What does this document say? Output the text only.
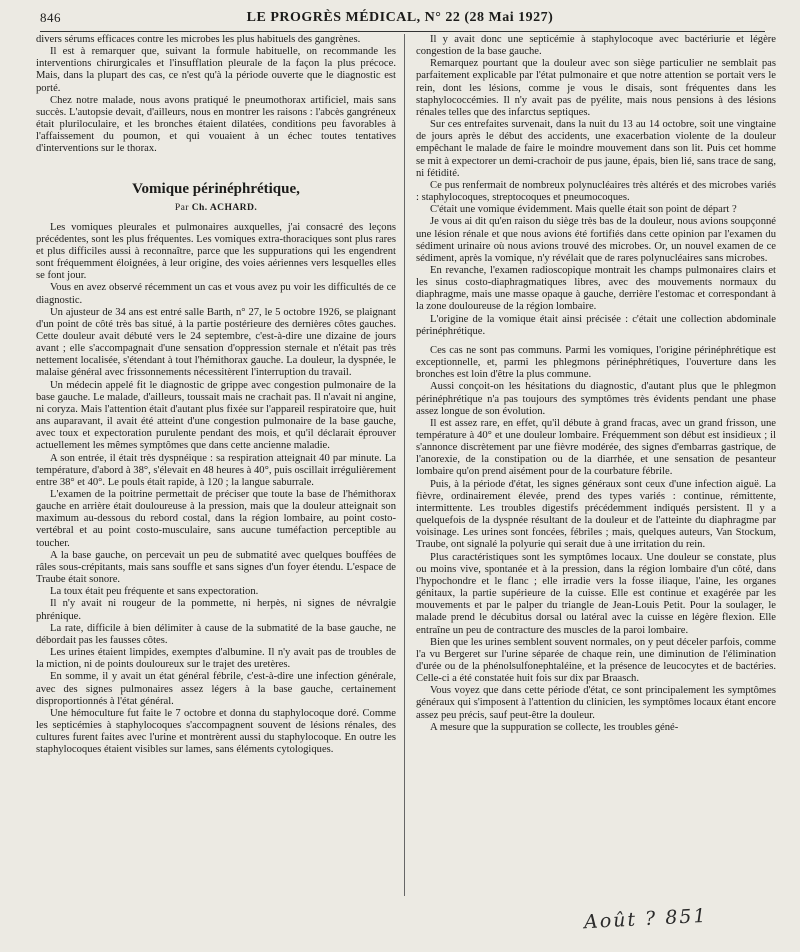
846	LE PROGRÈS MÉDICAL, N° 22 (28 Mai 1927)

divers sérums efficaces contre les microbes les plus habituels des gangrènes.

Il est à remarquer que, suivant la formule habituelle, on recommande les interventions chirurgicales et l'insufflation pleurale de la façon la plus précoce. Mais, dans la plupart des cas, ce n'est qu'à la période ouverte que le diagnostic est porté.

Chez notre malade, nous avons pratiqué le pneumothorax artificiel, mais sans succès. L'autopsie devait, d'ailleurs, nous en montrer les raisons : l'abcès gangréneux était pluriloculaire, et les bronches étaient dilatées, conditions peu favorables à l'affaissement du poumon, et qui vouaient à un échec toutes tentatives d'interventions sur le thorax.

Vomique périnéphrétique,
Par Ch. ACHARD.

Les vomiques pleurales et pulmonaires auxquelles, j'ai consacré des leçons précédentes, sont les plus fréquentes. Les vomiques extra-thoraciques sont plus rares et plus difficiles aussi à reconnaître, parce que les suppurations qui les engendrent sont fréquemment éloignées, à leur origine, des voies aériennes vers lesquelles elles se font jour.

Vous en avez observé récemment un cas et vous avez pu voir les difficultés de ce diagnostic.

Un ajusteur de 34 ans est entré salle Barth, n° 27, le 5 octobre 1926, se plaignant d'un point de côté très bas situé, à la partie postérieure des dernières côtes gauches. Cette douleur avait débuté vers le 24 septembre, c'est-à-dire une dizaine de jours avant ; elle s'accompagnait d'une sensation d'oppression sternale et n'était pas très nettement localisée, s'étendant à tout l'hémithorax gauche. La douleur, la dyspnée, le malaise général avec frissonnements nécessitèrent l'interruption du travail.

Un médecin appelé fit le diagnostic de grippe avec congestion pulmonaire de la base gauche. Le malade, d'ailleurs, toussait mais ne crachait pas. Il n'avait ni angine, ni coryza. Mais l'attention était d'autant plus fixée sur l'appareil respiratoire que, huit ans auparavant, il avait été atteint d'une congestion pulmonaire de la base gauche, avec toux et expectoration purulente pendant des mois, et qu'il déclarait éprouver actuellement les mêmes symptômes que dans cette ancienne maladie.

A son entrée, il était très dyspnéique : sa respiration atteignait 40 par minute. La température, d'abord à 38°, s'élevait en 48 heures à 40°, puis oscillait irrégulièrement entre 38° et 40°. Le pouls était rapide, à 120 ; la langue saburrale.

L'examen de la poitrine permettait de préciser que toute la base de l'hémithorax gauche en arrière était douloureuse à la pression, mais que la douleur atteignait son maximum au-dessous du rebord costal, dans la région lombaire, au point costo-vertébral et au point costo-musculaire, sans aucune tuméfaction perceptible au toucher.

A la base gauche, on percevait un peu de submatité avec quelques bouffées de râles sous-crépitants, mais sans souffle et sans signes d'un foyer étendu. L'espace de Traube était sonore.

La toux était peu fréquente et sans expectoration.

Il n'y avait ni rougeur de la pommette, ni herpès, ni signes de névralgie phrénique.

La rate, difficile à bien délimiter à cause de la submatité de la base gauche, ne débordait pas les fausses côtes.

Les urines étaient limpides, exemptes d'albumine. Il n'y avait pas de troubles de la miction, ni de points douloureux sur le trajet des uretères.

En somme, il y avait un état général fébrile, c'est-à-dire une infection générale, avec des signes pulmonaires assez légers à la base gauche, certainement disproportionnés à l'état général.

Une hémoculture fut faite le 7 octobre et donna du staphylocoque doré. Comme les septicémies à staphylocoques s'accompagnent souvent de lésions rénales, des cultures furent faites avec l'urine et montrèrent aussi du staphylocoque. En outre les staphylocoques étaient visibles sur lames, sans éléments cytologiques.

Il y avait donc une septicémie à staphylocoque avec bactériurie et légère congestion de la base gauche.

Remarquez pourtant que la douleur avec son siège particulier ne semblait pas parfaitement explicable par l'état pulmonaire et que notre attention se portait vers le rein, dont les lésions, comme je vous le disais, sont fréquentes dans les staphylococcémies. Il n'y avait pas de pyélite, mais nous pensions à des lésions rénales telles que des infarctus septiques.

Sur ces entrefaites survenait, dans la nuit du 13 au 14 octobre, soit une vingtaine de jours après le début des accidents, une exacerbation violente de la douleur empêchant le malade de faire le moindre mouvement dans son lit. Puis cet homme se mit à expectorer un demi-crachoir de pus jaune, épais, bien lié, sans trace de sang, ni fétidité.

Ce pus renfermait de nombreux polynucléaires très altérés et des microbes variés : staphylocoques, streptocoques et pneumocoques.

C'était une vomique évidemment. Mais quelle était son point de départ ?

Je vous ai dit qu'en raison du siège très bas de la douleur, nous avions soupçonné une lésion rénale et que nous avions été fortifiés dans cette opinion par l'examen du sédiment urinaire où nous avions trouvé des microbes. Or, un nouvel examen de ce sédiment, après la vomique, n'y révélait que de rares polynucléaires sans microbes.

En revanche, l'examen radioscopique montrait les champs pulmonaires clairs et les sinus costo-diaphragmatiques libres, avec des mouvements normaux du diaphragme, mais une masse opaque à gauche, derrière l'estomac et correspondant à la zone douloureuse de la région lombaire.

L'origine de la vomique était ainsi précisée : c'était une collection abdominale périnéphrétique.

Ces cas ne sont pas communs. Parmi les vomiques, l'origine périnéphrétique est exceptionnelle, et, parmi les phlegmons périnéphrétiques, l'ouverture dans les bronches est loin d'être la plus commune.

Aussi conçoit-on les hésitations du diagnostic, d'autant plus que le phlegmon périnéphrétique n'a pas toujours des symptômes très évidents pendant une phase assez longue de son évolution.

Il est assez rare, en effet, qu'il débute à grand fracas, avec un grand frisson, une température à 40° et une douleur lombaire. Fréquemment son début est insidieux ; il s'annonce discrètement par une fièvre modérée, des signes d'embarras gastrique, de l'anorexie, de la constipation ou de la diarrhée, et une sensation de pesanteur lombaire qu'on prend aisément pour de la courbature fébrile.

Puis, à la période d'état, les signes généraux sont ceux d'une infection aiguë. La fièvre, ordinairement élevée, prend des types variés : continue, rémittente, intermittente. Les troubles digestifs précédemment indiqués persistent. Il y a quelquefois de la dyspnée résultant de la douleur et de l'atteinte du diaphragme par voisinage. Les urines sont foncées, fébriles ; mais, quelques auteurs, Van Stockum, Traube, ont signalé la polyurie qui serait due à une irritation du rein.

Plus caractéristiques sont les symptômes locaux. Une douleur se constate, plus ou moins vive, spontanée et à la pression, dans la région lombaire d'un côté, dans l'hypochondre et le flanc ; elle irradie vers la fosse iliaque, l'aine, les organes génitaux, la partie supérieure de la cuisse. Elle est continue et exagérée par les mouvements et par le palper du triangle de Jean-Louis Petit. Pour la soulager, le malade prend le décubitus dorsal ou latéral avec la cuisse en légère flexion. Elle entraîne un peu de contracture des muscles de la paroi lombaire.

Bien que les urines semblent souvent normales, on y peut déceler parfois, comme l'a vu Bergeret sur l'urine séparée de chaque rein, une diminution de l'élimination d'urée ou de la phénolsulfonephtaléine, et la présence de leucocytes et de bactéries. Celle-ci a été constatée huit fois sur dix par Braasch.

Vous voyez que dans cette période d'état, ce sont principalement les symptômes généraux qui s'imposent à l'attention du clinicien, les symptômes locaux étant encore assez peu précis, sauf peut-être la douleur.

A mesure que la suppuration se collecte, les troubles géné-

Août ? 851
